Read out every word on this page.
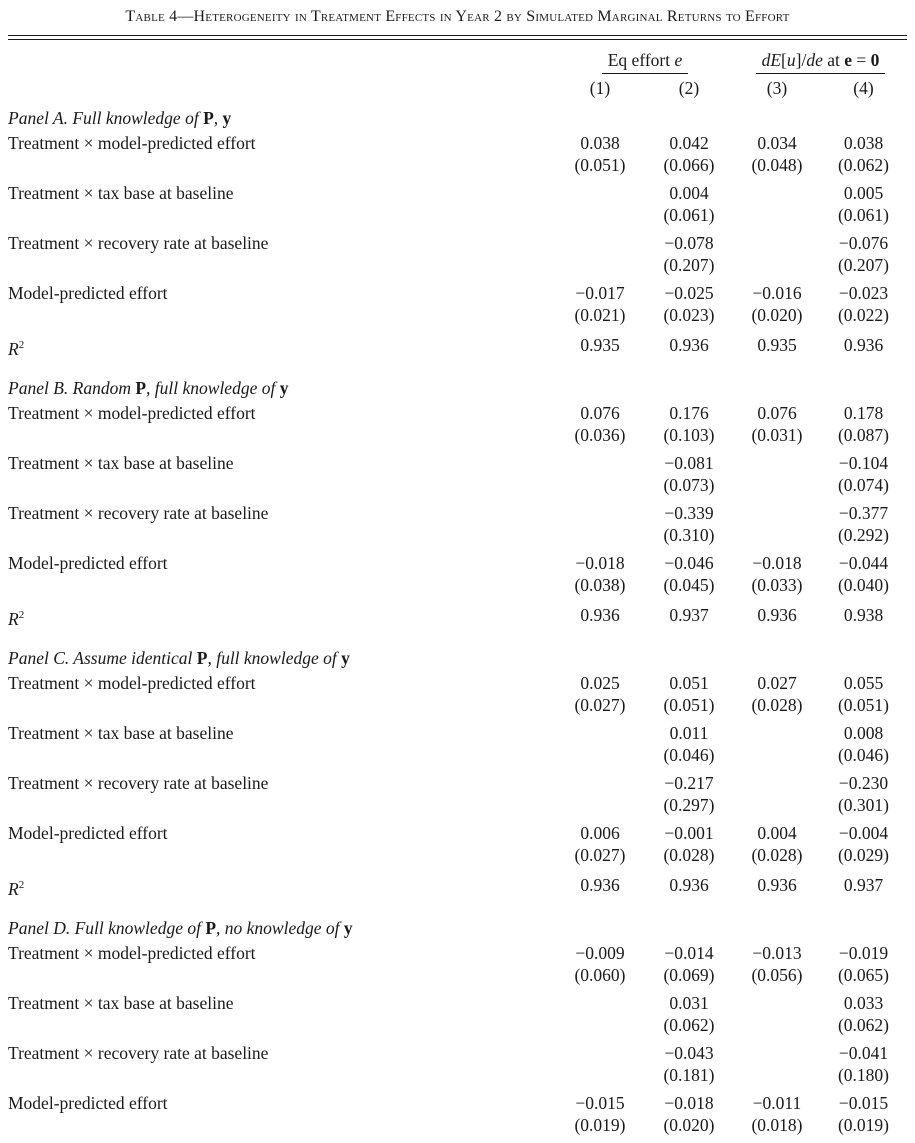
Table 4—Heterogeneity in Treatment Effects in Year 2 by Simulated Marginal Returns to Effort
	Eq effort e		dE[u]/de at e = 0	
	(1)	(2)	(3)	(4)
Panel A. Full knowledge of P, y				
Treatment × model-predicted effort	0.038	0.042	0.034	0.038
	(0.051)	(0.066)	(0.048)	(0.062)
Treatment × tax base at baseline		0.004		0.005
		(0.061)		(0.061)
Treatment × recovery rate at baseline		−0.078		−0.076
		(0.207)		(0.207)
Model-predicted effort	−0.017	−0.025	−0.016	−0.023
	(0.021)	(0.023)	(0.020)	(0.022)
$R^2$	0.935	0.936	0.935	0.936
Panel B. Random P, full knowledge of y				
Treatment × model-predicted effort	0.076	0.176	0.076	0.178
	(0.036)	(0.103)	(0.031)	(0.087)
Treatment × tax base at baseline		−0.081		−0.104
		(0.073)		(0.074)
Treatment × recovery rate at baseline		−0.339		−0.377
		(0.310)		(0.292)
Model-predicted effort	−0.018	−0.046	−0.018	−0.044
	(0.038)	(0.045)	(0.033)	(0.040)
$R^2$	0.936	0.937	0.936	0.938
Panel C. Assume identical P, full knowledge of y				
Treatment × model-predicted effort	0.025	0.051	0.027	0.055
	(0.027)	(0.051)	(0.028)	(0.051)
Treatment × tax base at baseline		0.011		0.008
		(0.046)		(0.046)
Treatment × recovery rate at baseline		−0.217		−0.230
		(0.297)		(0.301)
Model-predicted effort	0.006	−0.001	0.004	−0.004
	(0.027)	(0.028)	(0.028)	(0.029)
$R^2$	0.936	0.936	0.936	0.937
Panel D. Full knowledge of P, no knowledge of y				
Treatment × model-predicted effort	−0.009	−0.014	−0.013	−0.019
	(0.060)	(0.069)	(0.056)	(0.065)
Treatment × tax base at baseline		0.031		0.033
		(0.062)		(0.062)
Treatment × recovery rate at baseline		−0.043		−0.041
		(0.181)		(0.180)
Model-predicted effort	−0.015	−0.018	−0.011	−0.015
	(0.019)	(0.020)	(0.018)	(0.019)
